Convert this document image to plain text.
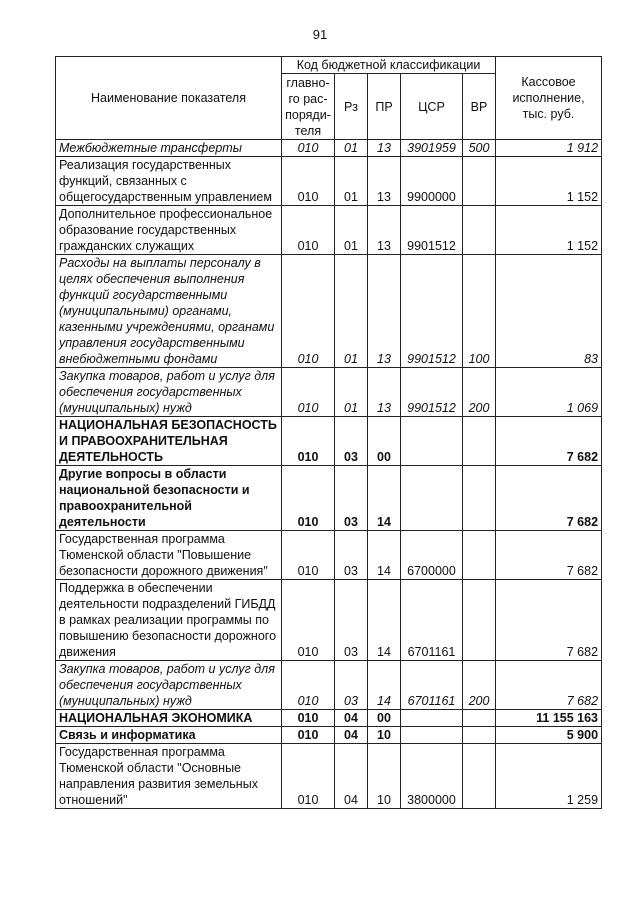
91
Наименование показателя	Код бюджетной классификации					Кассовое исполнение, тыс. руб.
	главно-го рас-поряди-теля	Рз	ПР	ЦСР	ВР	
Межбюджетные трансферты	010	01	13	3901959	500	1 912
Реализация государственных функций, связанных с общегосударственным управлением	010	01	13	9900000		1 152
Дополнительное профессиональное образование государственных гражданских служащих	010	01	13	9901512		1 152
Расходы на выплаты персоналу в целях обеспечения выполнения функций государственными (муниципальными) органами, казенными учреждениями, органами управления государственными внебюджетными фондами	010	01	13	9901512	100	83
Закупка товаров, работ и услуг для обеспечения государственных (муниципальных) нужд	010	01	13	9901512	200	1 069
НАЦИОНАЛЬНАЯ БЕЗОПАСНОСТЬ И ПРАВООХРАНИТЕЛЬНАЯ ДЕЯТЕЛЬНОСТЬ	010	03	00			7 682
Другие вопросы в области национальной безопасности и правоохранительной деятельности	010	03	14			7 682
Государственная программа Тюменской области "Повышение безопасности дорожного движения"	010	03	14	6700000		7 682
Поддержка в обеспечении деятельности подразделений ГИБДД в рамках реализации программы по повышению безопасности дорожного движения	010	03	14	6701161		7 682
Закупка товаров, работ и услуг для обеспечения государственных (муниципальных) нужд	010	03	14	6701161	200	7 682
НАЦИОНАЛЬНАЯ ЭКОНОМИКА	010	04	00			11 155 163
Связь и информатика	010	04	10			5 900
Государственная программа Тюменской области "Основные направления развития земельных отношений"	010	04	10	3800000		1 259
